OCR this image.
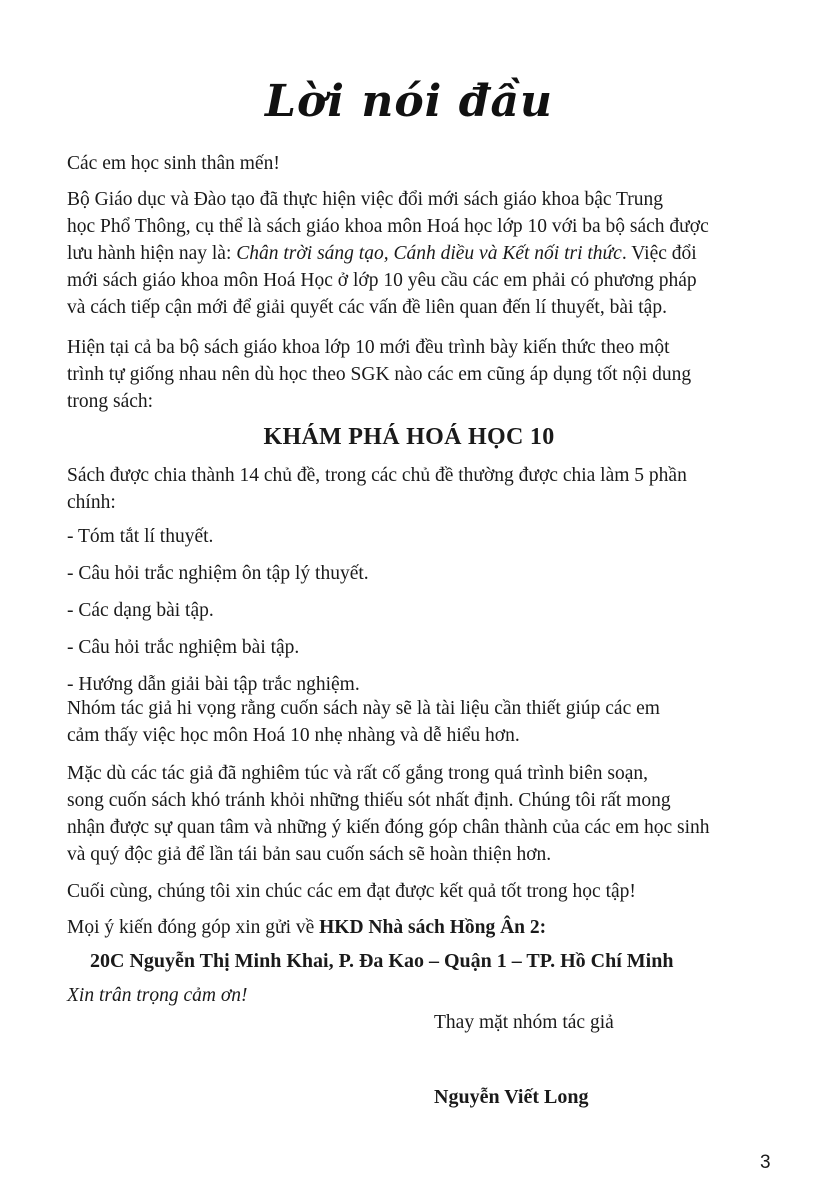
Lời nói đầu

Các em học sinh thân mến!

Bộ Giáo dục và Đào tạo đã thực hiện việc đổi mới sách giáo khoa bậc Trung
học Phổ Thông, cụ thể là sách giáo khoa môn Hoá học lớp 10 với ba bộ sách được
lưu hành hiện nay là: Chân trời sáng tạo, Cánh diều và Kết nối tri thức. Việc đổi
mới sách giáo khoa môn Hoá Học ở lớp 10 yêu cầu các em phải có phương pháp
và cách tiếp cận mới để giải quyết các vấn đề liên quan đến lí thuyết, bài tập.

Hiện tại cả ba bộ sách giáo khoa lớp 10 mới đều trình bày kiến thức theo một
trình tự giống nhau nên dù học theo SGK nào các em cũng áp dụng tốt nội dung
trong sách:

KHÁM PHÁ HOÁ HỌC 10

Sách được chia thành 14 chủ đề, trong các chủ đề thường được chia làm 5 phần
chính:

- Tóm tắt lí thuyết.
- Câu hỏi trắc nghiệm ôn tập lý thuyết.
- Các dạng bài tập.
- Câu hỏi trắc nghiệm bài tập.
- Hướng dẫn giải bài tập trắc nghiệm.

Nhóm tác giả hi vọng rằng cuốn sách này sẽ là tài liệu cần thiết giúp các em
cảm thấy việc học môn Hoá 10 nhẹ nhàng và dễ hiểu hơn.

Mặc dù các tác giả đã nghiêm túc và rất cố gắng trong quá trình biên soạn,
song cuốn sách khó tránh khỏi những thiếu sót nhất định. Chúng tôi rất mong
nhận được sự quan tâm và những ý kiến đóng góp chân thành của các em học sinh
và quý độc giả để lần tái bản sau cuốn sách sẽ hoàn thiện hơn.

Cuối cùng, chúng tôi xin chúc các em đạt được kết quả tốt trong học tập!

Mọi ý kiến đóng góp xin gửi về HKD Nhà sách Hồng Ân 2:

20C Nguyễn Thị Minh Khai, P. Đa Kao – Quận 1 – TP. Hồ Chí Minh
Xin trân trọng cảm ơn!
Thay mặt nhóm tác giả
Nguyễn Viết Long
3
